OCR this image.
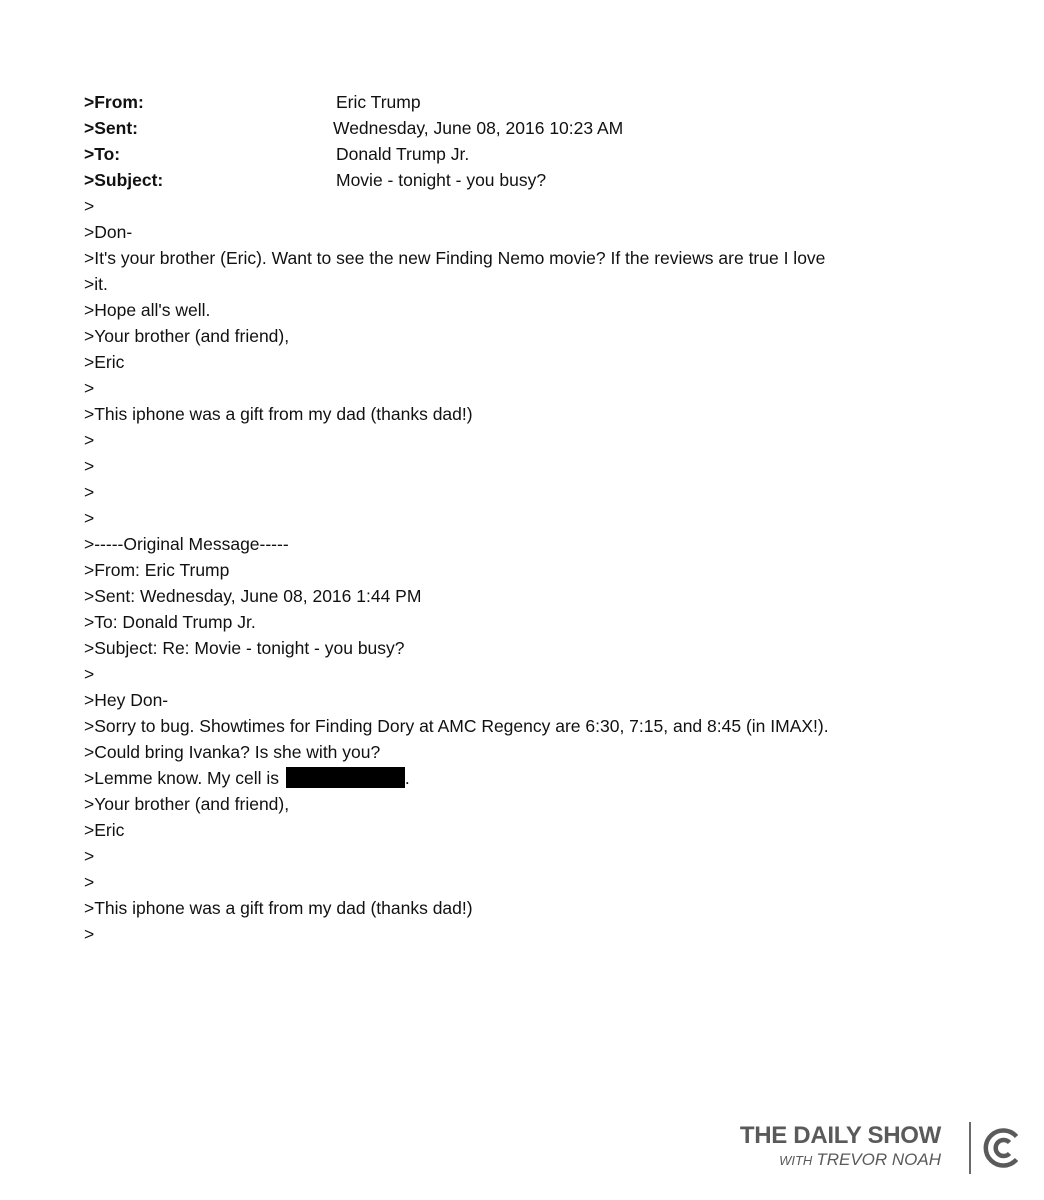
>From:	Eric Trump
>Sent:	Wednesday, June 08, 2016 10:23 AM
>To:	Donald Trump Jr.
>Subject:	Movie - tonight - you busy?
>
>Don-
>It's your brother (Eric). Want to see the new Finding Nemo movie? If the reviews are true I love
>it.
>Hope all's well.
>Your brother (and friend),
>Eric
>
>This iphone was a gift from my dad (thanks dad!)
>
>
>
>
>-----Original Message-----
>From: Eric Trump
>Sent: Wednesday, June 08, 2016 1:44 PM
>To: Donald Trump Jr.
>Subject: Re: Movie - tonight - you busy?
>
>Hey Don-
>Sorry to bug. Showtimes for Finding Dory at AMC Regency are 6:30, 7:15, and 8:45 (in IMAX!).
>Could bring Ivanka? Is she with you?
>Lemme know. My cell is	.
>Your brother (and friend),
>Eric
>
>
>This iphone was a gift from my dad (thanks dad!)
>
THE DAILY SHOW
WITH TREVOR NOAH
